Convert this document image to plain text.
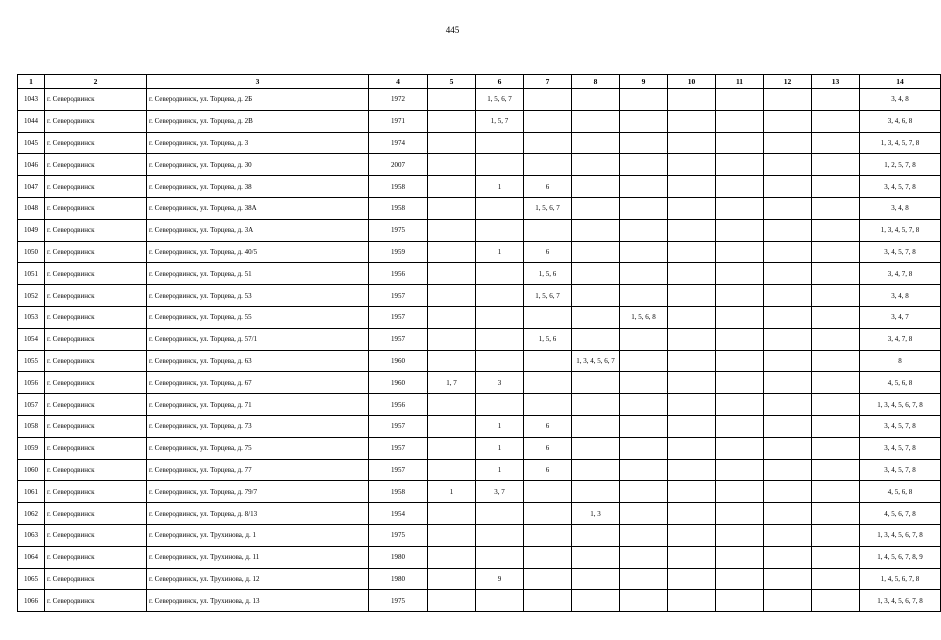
445
1	2	3	4	5	6	7	8	9	10	11	12	13	14
1043	г. Северодвинск	г. Северодвинск, ул. Торцева, д. 2Б	1972		1, 5, 6, 7								3, 4, 8
1044	г. Северодвинск	г. Северодвинск, ул. Торцева, д. 2В	1971		1, 5, 7								3, 4, 6, 8
1045	г. Северодвинск	г. Северодвинск, ул. Торцева, д. 3	1974										1, 3, 4, 5, 7, 8
1046	г. Северодвинск	г. Северодвинск, ул. Торцева, д. 30	2007										1, 2, 5, 7, 8
1047	г. Северодвинск	г. Северодвинск, ул. Торцева, д. 38	1958		1	6							3, 4, 5, 7, 8
1048	г. Северодвинск	г. Северодвинск, ул. Торцева, д. 38А	1958			1, 5, 6, 7							3, 4, 8
1049	г. Северодвинск	г. Северодвинск, ул. Торцева, д. 3А	1975										1, 3, 4, 5, 7, 8
1050	г. Северодвинск	г. Северодвинск, ул. Торцева, д. 40/5	1959		1	6							3, 4, 5, 7, 8
1051	г. Северодвинск	г. Северодвинск, ул. Торцева, д. 51	1956			1, 5, 6							3, 4, 7, 8
1052	г. Северодвинск	г. Северодвинск, ул. Торцева, д. 53	1957			1, 5, 6, 7							3, 4, 8
1053	г. Северодвинск	г. Северодвинск, ул. Торцева, д. 55	1957					1, 5, 6, 8					3, 4, 7
1054	г. Северодвинск	г. Северодвинск, ул. Торцева, д. 57/1	1957			1, 5, 6							3, 4, 7, 8
1055	г. Северодвинск	г. Северодвинск, ул. Торцева, д. 63	1960				1, 3, 4, 5, 6, 7						8
1056	г. Северодвинск	г. Северодвинск, ул. Торцева, д. 67	1960	1, 7	3								4, 5, 6, 8
1057	г. Северодвинск	г. Северодвинск, ул. Торцева, д. 71	1956										1, 3, 4, 5, 6, 7, 8
1058	г. Северодвинск	г. Северодвинск, ул. Торцева, д. 73	1957		1	6							3, 4, 5, 7, 8
1059	г. Северодвинск	г. Северодвинск, ул. Торцева, д. 75	1957		1	6							3, 4, 5, 7, 8
1060	г. Северодвинск	г. Северодвинск, ул. Торцева, д. 77	1957		1	6							3, 4, 5, 7, 8
1061	г. Северодвинск	г. Северодвинск, ул. Торцева, д. 79/7	1958	1	3, 7								4, 5, 6, 8
1062	г. Северодвинск	г. Северодвинск, ул. Торцева, д. 8/13	1954				1, 3						4, 5, 6, 7, 8
1063	г. Северодвинск	г. Северодвинск, ул. Трухинова, д. 1	1975										1, 3, 4, 5, 6, 7, 8
1064	г. Северодвинск	г. Северодвинск, ул. Трухинова, д. 11	1980										1, 4, 5, 6, 7, 8, 9
1065	г. Северодвинск	г. Северодвинск, ул. Трухинова, д. 12	1980		9								1, 4, 5, 6, 7, 8
1066	г. Северодвинск	г. Северодвинск, ул. Трухинова, д. 13	1975										1, 3, 4, 5, 6, 7, 8
